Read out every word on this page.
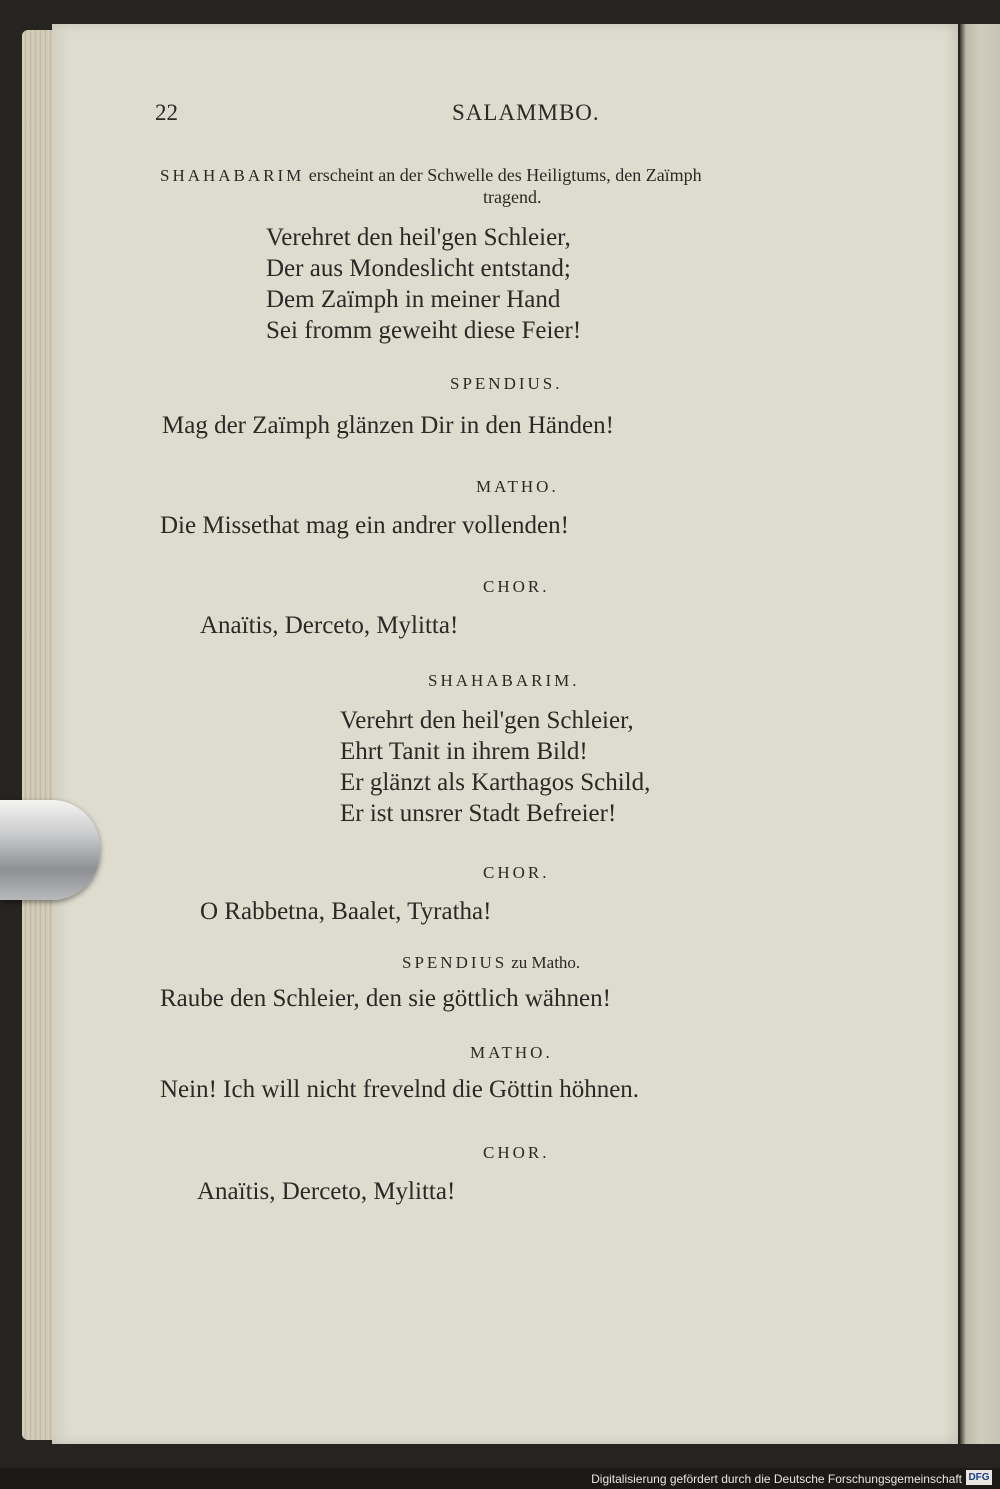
22	SALAMMBO.
SHAHABARIM erscheint an der Schwelle des Heiligtums, den Zaïmph
tragend.
Verehret den heil'gen Schleier,
Der aus Mondeslicht entstand;
Dem Zaïmph in meiner Hand
Sei fromm geweiht diese Feier!
SPENDIUS.
Mag der Zaïmph glänzen Dir in den Händen!
MATHO.
Die Missethat mag ein andrer vollenden!
CHOR.
Anaïtis, Derceto, Mylitta!
SHAHABARIM.
Verehrt den heil'gen Schleier,
Ehrt Tanit in ihrem Bild!
Er glänzt als Karthagos Schild,
Er ist unsrer Stadt Befreier!
CHOR.
O Rabbetna, Baalet, Tyratha!
SPENDIUS zu Matho.
Raube den Schleier, den sie göttlich wähnen!
MATHO.
Nein! Ich will nicht frevelnd die Göttin höhnen.
CHOR.
Anaïtis, Derceto, Mylitta!
Digitalisierung gefördert durch die Deutsche Forschungsgemeinschaft DFG
